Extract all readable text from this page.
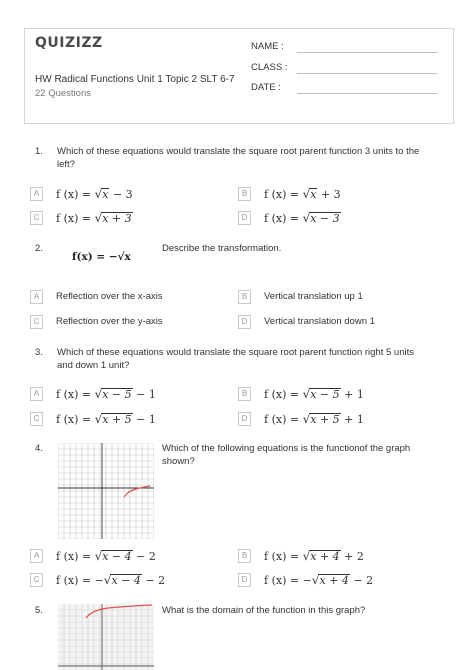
QUIZIZZ
HW Radical Functions Unit 1 Topic 2 SLT 6-7
22 Questions
NAME :
CLASS :
DATE :
1. Which of these equations would translate the square root parent function 3 units to the
left?
A	f (x) = √x − 3	B	f (x) = √x + 3
C	f (x) = √x + 3	D	f (x) = √x − 3
2.
f(x) = −√x
Describe the transformation.
A	Reflection over the x-axis	B	Vertical translation up 1
C	Reflection over the y-axis	D	Vertical translation down 1
3. Which of these equations would translate the square root parent function right 5 units
and down 1 unit?
A	f (x) = √x − 5 − 1	B	f (x) = √x − 5 + 1
C	f (x) = √x + 5 − 1	D	f (x) = √x + 5 + 1
4.	Which of the following equations is the functionof the graph
shown?
A	f (x) = √x − 4 − 2	B	f (x) = √x + 4 + 2
C	f (x) = −√x − 4 − 2	D	f (x) = −√x + 4 − 2
5.	What is the domain of the function in this graph?
